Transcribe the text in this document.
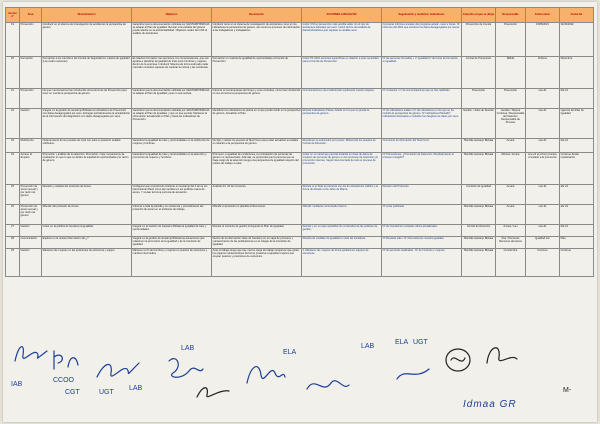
Acción nº	Área	Denominación	Objetivos	Descripción	ACCIONES A REALIZAR	Seguimiento y medición; indicadores	Colectivo al que se dirige	Responsable	Fecha inicio	Fecha fin
19	Prevención	Introducir en el sistema de investigación de accidentes la perspectiva de género.	Garantizar que la documentación utilizada por GESTAMP BIZKAIA se adapte al Plan de igualdad. Revisar si la variable del género puede afectar en la accidentabilidad. Objetivos reales del CSS el análisis de accidentes.	Introducir tanto en el sistema de investigación de accidentes como en los indicadores la perspectiva de género, así como los procesos de información a las trabajadoras y trabajadores.	Incluir CSS el prevención más posible saber sin el tipo de accidentes laborales por sexo. Incluir dentro del análisis de datos/indicadores que separan la variable sexo.	Comparar informes anuales del programa actual - sexo e horas. Nº informes del 2021 que contiene los datos desagregados por sexos.	Prevención de Comité	Prevención	15/05/2021	31/03/2022
20	Formación	Formación a los miembros del Comité de Seguridad en materia de igualdad (Los cuatro sesiones).	El colectivo formativo: las secciones, los comunicaciones, que son ayudas a planificar la igualdad de trato entre hombres y mujeres dentro de la empresa. Introducir Sistema de forma estimado cada mercado contratos capaces de cambiar la cultura y las conductas.	Formación en materia de igualdad de oportunidades al Comité de Prevención.	Incluir PF 2021 acciones específicas en relación a este necesidad para el Comité de Prevención.	Nº de personas formadas + nº igualdad Nº de horas de formación en igualdad.	Comité de Prevención	RRHH	Febrero	Diciembre
21	Prevención	No que mencionamos han introducido otros términos de Prevención para tener en cuenta la perspectiva de género.	Garantizar que la documentación utilizada por GESTAMP BIZKAIA se adapte al Plan de igualdad y que no sea sexista.	Informar en las Empresas del Grupo y a los contratas, como han introducido en sus términos la perspectiva de género.	Comunicaciones vía email/circular explicando nuestro objetivo.	Nº contactos / nº de comunicaciones que se han realizado.	Prevención	Prevención	ene-21	feb-21
22	Gestión	Integrar en la gestión de Gestamp Bizkaia los indicadores de Prevención con datos desagregados por sexo. Entregar periódicamente la actualización de la información del diagnóstico con datos desagregados por sexo.	Garantizar que la documentación utilizada por GESTAMP BIZKAIA se adapte al Plan de igualdad, y que no sea sexista. Mantener la información actualizada en Plan y hacia los indicadores de Prevención.	Identificar los indicadores de planta en el que pueda incidir en la perspectiva de género. Actualizar el Plan.	Revisar indicadores Planta. Añadir en los que se pueda la perspectiva de género.	Nº de indicadores totales / Nº de indicadores en los que se ha incluido la perspectiva de género. Nº indicadores Planta/Nº indicadores Revisados e incluidos los desglose de datos por sexo.	Gestión / Jefes de Sección	Gestión / Mejora Continua / Responsable del Sistema / Responsable de Proceso	ene-21	vigencia del Plan de Igualdad
23	Retribución	Ordenamiento de los puestos de nivel con para su posterior análisis retributivo.	Garantizar la igualdad de trato y oportunidades en la retribución de mujeres y hombres.	De fijar y valorar los puestos al Nivel Cero para poder actualizar el análisis en relación a la perspectiva de género.	Reordenar su subniveles por puntos. Diferenciar los puestos de Comité de Dirección.	Comunicar la información del Nivel Cero	Plantilla Gestamp Bizkaia	Amara	ene-21	feb-21
24	Acceso al Empleo	Promoción y análisis de la selección; Promoción: crear mecanismos de evaluación en que lo que se dictam la equidad de oportunidades por razón de género.	Garantizar la igualdad de trato y oportunidades en la selección y promoción de mujeres y hombres.	Promover, a igualdad de condiciones, la contratación de personas de género no representado. Además, se propondrá que la persona que se haga cargo de la selección tenga una perspectiva de igualdad respecto del puesto de trabajo a optar.	Incluir en un canal que permita localizar en base de datos de empleos de personas de género en los procesos de selección y/o promoción internas. Seguir documentado de todo el proceso de promoción.	Nº Promociones. ¿Promoción de Selección / Reclutamiento el proceso recogido?	Plantilla Gestamp Bizkaia	Mónica / Amara	ene-21 el primer proceso vinculado a la promoción	Continuo desde implantación
25	Prevención de acoso sexual y por razón de género	Revisión y análisis del protocolo de Acoso.	Configurar que el protocolo existente en Gestamp del 4 de su sin transmitente Plazo como dar cambiar en los posibles casos de acoso. Y revisar la forma correcta de actuación.	Analizar Art. 20 de Convenio.	Revisar si el Todo el protocolo con los de actuaciones viables y la forma de difusión a los Jefes de Planta.	Revisión del Protocolo.	Comisión de Igualdad	Amara	mar-21	abr-21
26	Prevención de acoso sexual y por razón de género	Difundir del protocolo de Acoso.	Informar a toda la plantilla y su existencia y procedimiento del protocolo de acoso en el ambiente de trabajo.	Difundir el protocolo en plantilla al documento.	Difundir mediante comunicado interno.	Nº scole publicado.	Plantilla Gestamp Bizkaia	Amara	mar-21	abr-21
27	Gestión	Incluir en la política de Gestamp la igualdad.	Integrar en la Gestión de Gestamp Bizkaia la igualdad de trato y oportunidades.	Revisar el contexto de gestión incluyendo el Plan de Igualdad.	Revisar y en su caso actualizar los contenidos de las políticas de gestión.	Nº de Cuestiones revisados ahora actualizados.	Comité de Dirección	Amara / Lan	ene-21	feb-21
28	Comunicación	Explicar en la revista información del ¿?	Integrar en la gestión de Gestamp Bizkaia las actuaciones que relacionen la promoción de la igualdad y de la Comisión de Igualdad.	Dentro de la información clave de Gestamp en el mapa de procesos y mantenimiento de las publicaciones en el colegio de la Comisión de Igualdad.	Reseña de medidas de igualdad en todo las iniciativas.	Nº Revistas sale / Nº informaciones nuestra igualdad.	Plantilla Gestamp Bizkaia	Pep / Personas Recursos Humanos	Igualdad Gm	Plan
29	Gestión	Mantener las mujeres en las posiciones de estructura y equipo.	Mantener el % de hombres y mujeres en puestos de estructura y mandos intermedios.	Ante el trabajo tenga que hay menos carga de trabajo tengamos que quitar los equipos manteniéndose de forma proactiva a aquellas mujeres que ocupan puestos y posiciones de estructura.	1. Mantener las mujeres de forma paritaria en equipos de estructura.	Nº de personas realizadas - Nº de hombres y mujeres.	Plantilla Gestamp Bizkaia	Comité Dire	Continuo	Continuo
IAB
CCOO
CGT	UGT
LAB
LAB
ELA
LAB
ELA UGT
Idmaa GR
M-
